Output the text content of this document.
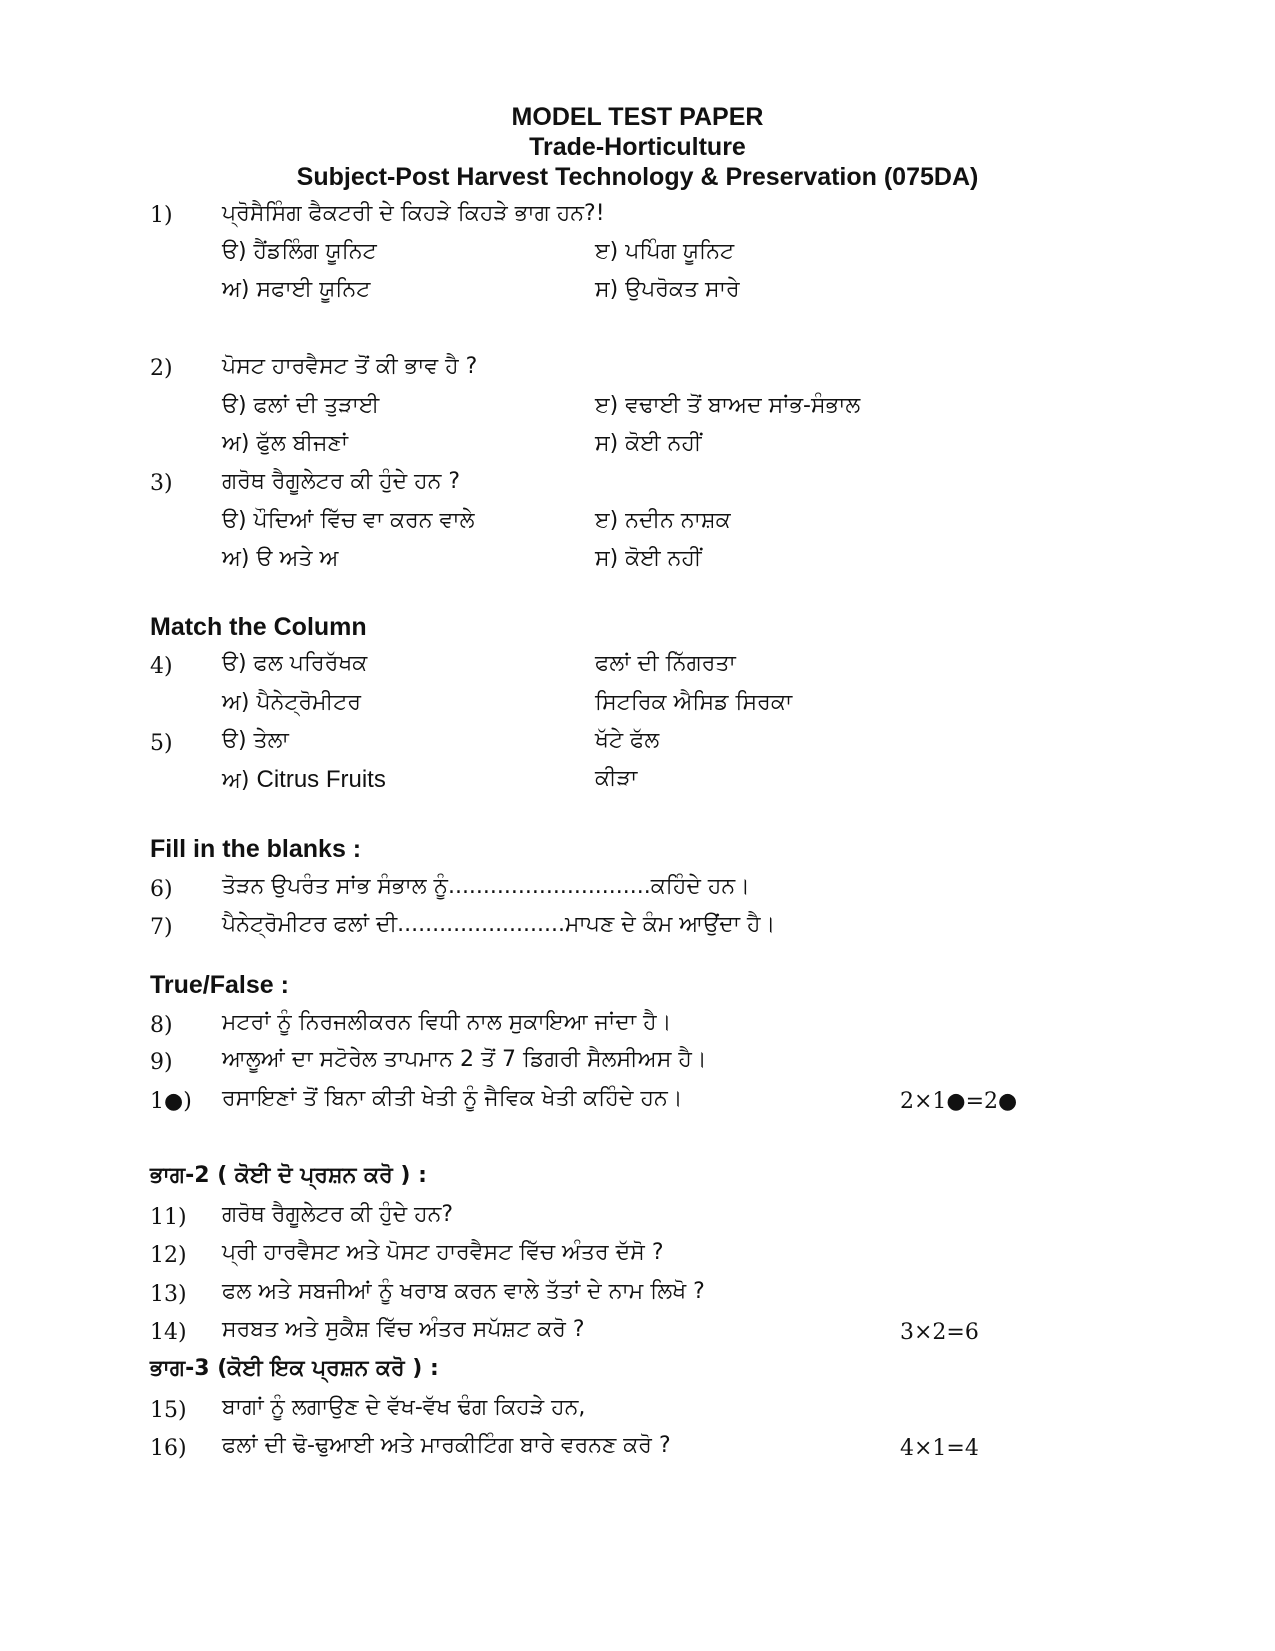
MODEL TEST PAPER
Trade-Horticulture
Subject-Post Harvest Technology & Preservation (075DA)
1) ਪ੍ਰੋਸੈਸਿੰਗ ਫੈਕਟਰੀ ਦੇ ਕਿਹੜੇ ਕਿਹੜੇ ਭਾਗ ਹਨ?!
ੳ) ਹੈਂਡਲਿੰਗ ਯੂਨਿਟ	ੲ) ਪਪਿੰਗ ਯੂਨਿਟ
ਅ) ਸਫਾਈ ਯੂਨਿਟ	ਸ) ਉਪਰੋਕਤ ਸਾਰੇ
2) ਪੋਸਟ ਹਾਰਵੈਸਟ ਤੋਂ ਕੀ ਭਾਵ ਹੈ ?
ੳ) ਫਲਾਂ ਦੀ ਤੁੜਾਈ	ੲ) ਵਢਾਈ ਤੋਂ ਬਾਅਦ ਸਾਂਭ-ਸੰਭਾਲ
ਅ) ਫੁੱਲ ਬੀਜਣਾਂ	ਸ) ਕੋਈ ਨਹੀਂ
3) ਗਰੋਥ ਰੈਗੂਲੇਟਰ ਕੀ ਹੁੰਦੇ ਹਨ ?
ੳ) ਪੌਦਿਆਂ ਵਿੱਚ ਵਾ ਕਰਨ ਵਾਲੇ	ੲ) ਨਦੀਨ ਨਾਸ਼ਕ
ਅ) ੳ ਅਤੇ ਅ	ਸ) ਕੋਈ ਨਹੀਂ
Match the Column
4) ੳ) ਫਲ ਪਰਿਰੱਖਕ	ਫਲਾਂ ਦੀ ਨਿੱਗਰਤਾ
ਅ) ਪੈਨੇਟ੍ਰੋਮੀਟਰ	ਸਿਟਰਿਕ ਐਸਿਡ ਸਿਰਕਾ
5) ੳ) ਤੇਲਾ	ਖੱਟੇ ਫੱਲ
ਅ) Citrus Fruits	ਕੀੜਾ
Fill in the blanks :
6) ਤੋੜਨ ਉਪਰੰਤ ਸਾਂਭ ਸੰਭਾਲ ਨੂੰ.............................ਕਹਿੰਦੇ ਹਨ।
7) ਪੈਨੇਟ੍ਰੋਮੀਟਰ ਫਲਾਂ ਦੀ........................ਮਾਪਣ ਦੇ ਕੰਮ ਆਉਂਦਾ ਹੈ।
True/False :
8) ਮਟਰਾਂ ਨੂੰ ਨਿਰਜਲੀਕਰਨ ਵਿਧੀ ਨਾਲ ਸੁਕਾਇਆ ਜਾਂਦਾ ਹੈ।
9) ਆਲੂਆਂ ਦਾ ਸਟੋਰੇਲ ਤਾਪਮਾਨ 2 ਤੋਂ 7 ਡਿਗਰੀ ਸੈਲਸੀਅਸ ਹੈ।
1●) ਰਸਾਇਣਾਂ ਤੋਂ ਬਿਨਾ ਕੀਤੀ ਖੇਤੀ ਨੂੰ ਜੈਵਿਕ ਖੇਤੀ ਕਹਿੰਦੇ ਹਨ।	2×1●=2●
ਭਾਗ-2 ( ਕੋਈ ਦੋ ਪ੍ਰਸ਼ਨ ਕਰੋ ) :
11) ਗਰੋਥ ਰੈਗੂਲੇਟਰ ਕੀ ਹੁੰਦੇ ਹਨ?
12) ਪ੍ਰੀ ਹਾਰਵੈਸਟ ਅਤੇ ਪੋਸਟ ਹਾਰਵੈਸਟ ਵਿੱਚ ਅੰਤਰ ਦੱਸੋ ?
13) ਫਲ ਅਤੇ ਸਬਜੀਆਂ ਨੂੰ ਖਰਾਬ ਕਰਨ ਵਾਲੇ ਤੱਤਾਂ ਦੇ ਨਾਮ ਲਿਖੋ ?
14) ਸਰਬਤ ਅਤੇ ਸੁਕੈਸ਼ ਵਿੱਚ ਅੰਤਰ ਸਪੱਸ਼ਟ ਕਰੋ ?	3×2=6
ਭਾਗ-3 (ਕੋਈ ਇਕ ਪ੍ਰਸ਼ਨ ਕਰੋ ) :
15) ਬਾਗਾਂ ਨੂੰ ਲਗਾਉਣ ਦੇ ਵੱਖ-ਵੱਖ ਢੰਗ ਕਿਹੜੇ ਹਨ,
16) ਫਲਾਂ ਦੀ ਢੋ-ਢੁਆਈ ਅਤੇ ਮਾਰਕੀਟਿੰਗ ਬਾਰੇ ਵਰਨਣ ਕਰੋ ?	4×1=4
